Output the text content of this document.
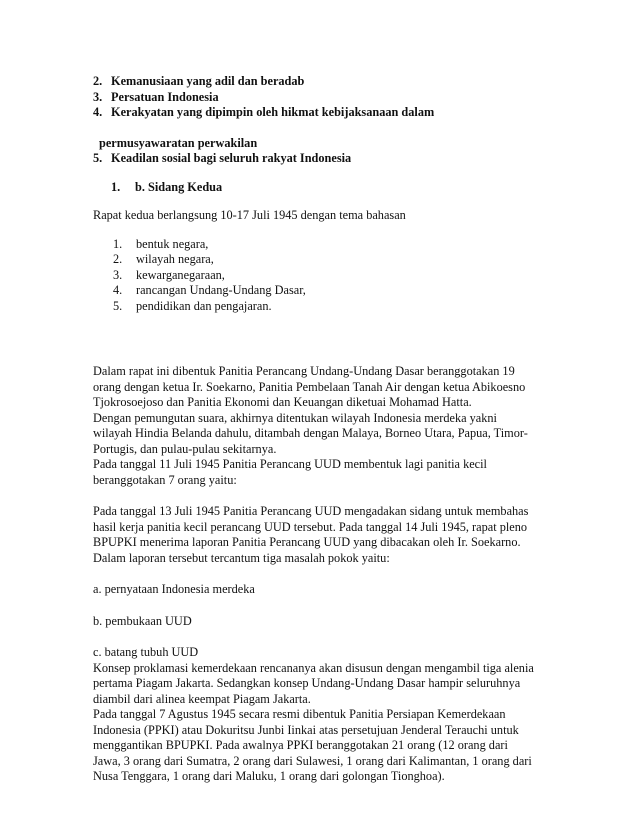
2. Kemanusiaan yang adil dan beradab
3. Persatuan Indonesia
4. Kerakyatan yang dipimpin oleh hikmat kebijaksanaan dalam
permusyawaratan perwakilan
5. Keadilan sosial bagi seluruh rakyat Indonesia
1. b. Sidang Kedua

Rapat kedua berlangsung 10-17 Juli 1945 dengan tema bahasan

1.	bentuk negara,
2.	wilayah negara,
3.	kewarganegaraan,
4.	rancangan Undang-Undang Dasar,
5.	pendidikan dan pengajaran.

Dalam rapat ini dibentuk Panitia Perancang Undang-Undang Dasar beranggotakan 19

orang dengan ketua Ir. Soekarno, Panitia Pembelaan Tanah Air dengan ketua Abikoesno

Tjokrosoejoso dan Panitia Ekonomi dan Keuangan diketuai Mohamad Hatta.

Dengan pemungutan suara, akhirnya ditentukan wilayah Indonesia merdeka yakni

wilayah Hindia Belanda dahulu, ditambah dengan Malaya, Borneo Utara, Papua, Timor-

Portugis, dan pulau-pulau sekitarnya.

Pada tanggal 11 Juli 1945 Panitia Perancang UUD membentuk lagi panitia kecil

beranggotakan 7 orang yaitu:

Pada tanggal 13 Juli 1945 Panitia Perancang UUD mengadakan sidang untuk membahas

hasil kerja panitia kecil perancang UUD tersebut. Pada tanggal 14 Juli 1945, rapat pleno

BPUPKI menerima laporan Panitia Perancang UUD yang dibacakan oleh Ir. Soekarno.

Dalam laporan tersebut tercantum tiga masalah pokok yaitu:

a. pernyataan Indonesia merdeka

b. pembukaan UUD

c. batang tubuh UUD

Konsep proklamasi kemerdekaan rencananya akan disusun dengan mengambil tiga alenia

pertama Piagam Jakarta. Sedangkan konsep Undang-Undang Dasar hampir seluruhnya

diambil dari alinea keempat Piagam Jakarta.

Pada tanggal 7 Agustus 1945 secara resmi dibentuk Panitia Persiapan Kemerdekaan

Indonesia (PPKI) atau Dokuritsu Junbi Iinkai atas persetujuan Jenderal Terauchi untuk

menggantikan BPUPKI. Pada awalnya PPKI beranggotakan 21 orang (12 orang dari

Jawa, 3 orang dari Sumatra, 2 orang dari Sulawesi, 1 orang dari Kalimantan, 1 orang dari

Nusa Tenggara, 1 orang dari Maluku, 1 orang dari golongan Tionghoa).
